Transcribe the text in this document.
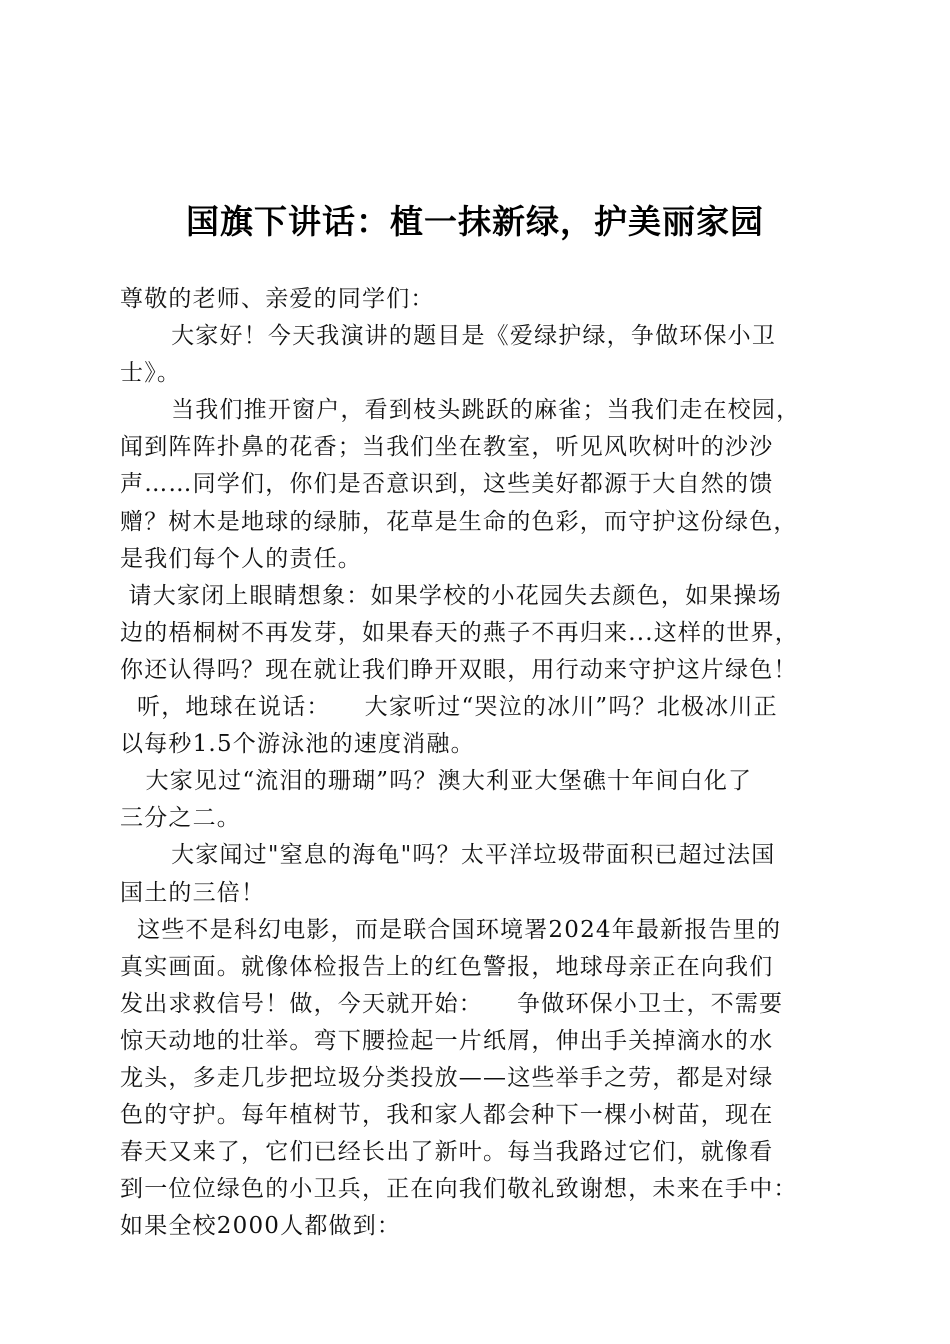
国旗下讲话：植一抹新绿，护美丽家园
尊敬的老师、亲爱的同学们：
大家好！今天我演讲的题目是《爱绿护绿，争做环保小卫
士》。
当我们推开窗户，看到枝头跳跃的麻雀；当我们走在校园，
闻到阵阵扑鼻的花香；当我们坐在教室，听见风吹树叶的沙沙
声……同学们，你们是否意识到，这些美好都源于大自然的馈
赠？树木是地球的绿肺，花草是生命的色彩，而守护这份绿色，
是我们每个人的责任。
请大家闭上眼睛想象：如果学校的小花园失去颜色，如果操场
边的梧桐树不再发芽，如果春天的燕子不再归来...这样的世界，
你还认得吗？现在就让我们睁开双眼，用行动来守护这片绿色！
听，地球在说话：    大家听过“哭泣的冰川”吗？北极冰川正
以每秒1.5个游泳池的速度消融。
大家见过“流泪的珊瑚”吗？澳大利亚大堡礁十年间白化了
三分之二。
大家闻过"窒息的海龟"吗？太平洋垃圾带面积已超过法国
国土的三倍！
这些不是科幻电影，而是联合国环境署2024年最新报告里的
真实画面。就像体检报告上的红色警报，地球母亲正在向我们
发出求救信号！做，今天就开始：    争做环保小卫士，不需要
惊天动地的壮举。弯下腰捡起一片纸屑，伸出手关掉滴水的水
龙头，多走几步把垃圾分类投放——这些举手之劳，都是对绿
色的守护。每年植树节，我和家人都会种下一棵小树苗，现在
春天又来了，它们已经长出了新叶。每当我路过它们，就像看
到一位位绿色的小卫兵，正在向我们敬礼致谢想，未来在手中：
如果全校2000人都做到：
